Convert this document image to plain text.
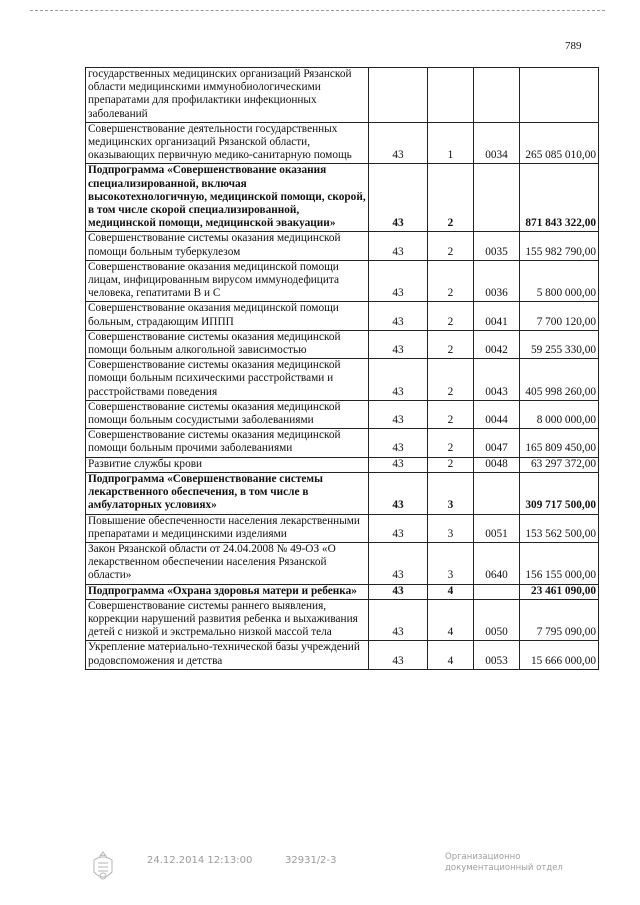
789
государственных медицинских организаций Рязанской области медицинскими иммунобиологическими препаратами для профилактики инфекционных заболеваний				
Совершенствование деятельности государственных медицинских организаций Рязанской области, оказывающих первичную медико-санитарную помощь	43	1	0034	265 085 010,00
Подпрограмма «Совершенствование оказания специализированной, включая высокотехнологичную, медицинской помощи, скорой, в том числе скорой специализированной, медицинской помощи, медицинской эвакуации»	43	2		871 843 322,00
Совершенствование системы оказания медицинской помощи больным туберкулезом	43	2	0035	155 982 790,00
Совершенствование оказания медицинской помощи лицам, инфицированным вирусом иммунодефицита человека, гепатитами В и С	43	2	0036	5 800 000,00
Совершенствование оказания медицинской помощи больным, страдающим ИППП	43	2	0041	7 700 120,00
Совершенствование системы оказания медицинской помощи больным алкогольной зависимостью	43	2	0042	59 255 330,00
Совершенствование системы оказания медицинской помощи больным психическими расстройствами и расстройствами поведения	43	2	0043	405 998 260,00
Совершенствование системы оказания медицинской помощи больным сосудистыми заболеваниями	43	2	0044	8 000 000,00
Совершенствование системы оказания медицинской помощи больным прочими заболеваниями	43	2	0047	165 809 450,00
Развитие службы крови	43	2	0048	63 297 372,00
Подпрограмма «Совершенствование системы лекарственного обеспечения, в том числе в амбулаторных условиях»	43	3		309 717 500,00
Повышение обеспеченности населения лекарственными препаратами и медицинскими изделиями	43	3	0051	153 562 500,00
Закон Рязанской области от 24.04.2008 № 49-ОЗ «О лекарственном обеспечении населения Рязанской области»	43	3	0640	156 155 000,00
Подпрограмма «Охрана здоровья матери и ребенка»	43	4		23 461 090,00
Совершенствование системы раннего выявления, коррекции нарушений развития ребенка и выхаживания детей с низкой и экстремально низкой массой тела	43	4	0050	7 795 090,00
Укрепление материально-технической базы учреждений родовспоможения и детства	43	4	0053	15 666 000,00
24.12.2014 12:13:00	32931/2-3	Организационно
документационный отдел
